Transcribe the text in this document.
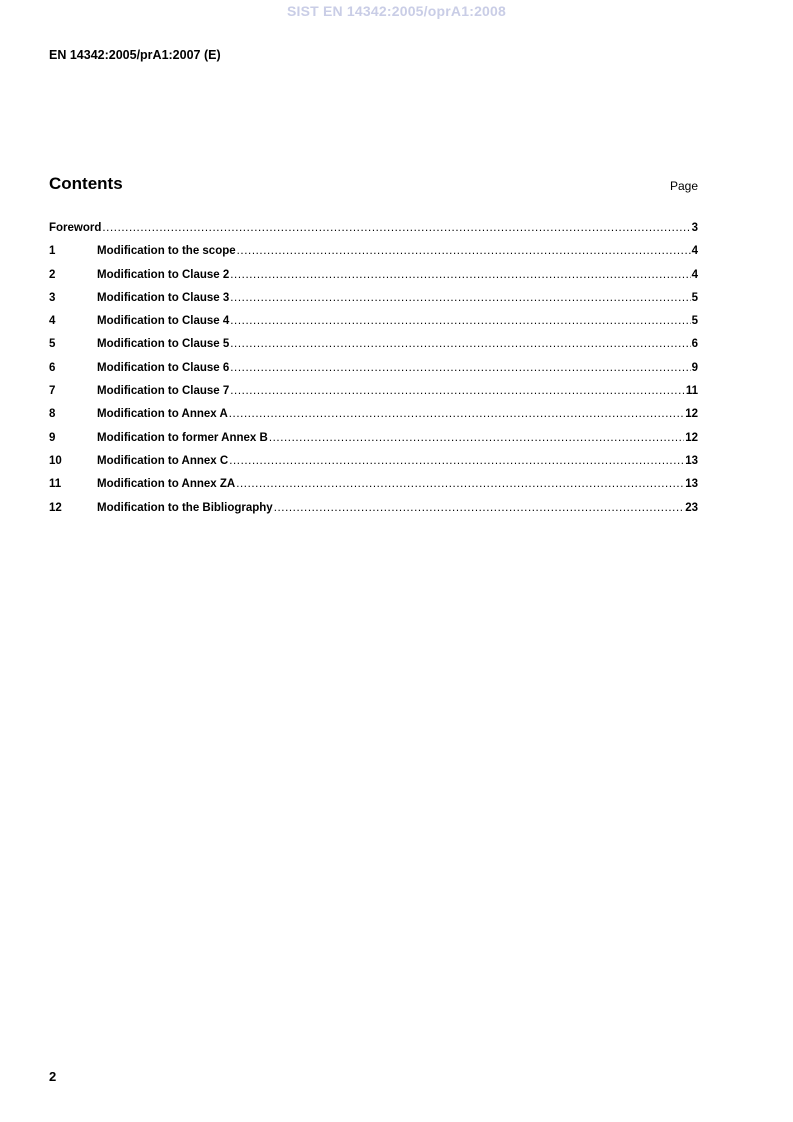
SIST EN 14342:2005/oprA1:2008
EN 14342:2005/prA1:2007 (E)
Contents	Page
Foreword .....	3
1	Modification to the scope .....	4
2	Modification to Clause 2 .....	4
3	Modification to Clause 3 .....	5
4	Modification to Clause 4 .....	5
5	Modification to Clause 5 .....	6
6	Modification to Clause 6 .....	9
7	Modification to Clause 7 .....	11
8	Modification to Annex A .....	12
9	Modification to former Annex B .....	12
10	Modification to Annex C .....	13
11	Modification to Annex ZA .....	13
12	Modification to the Bibliography .....	23
2
